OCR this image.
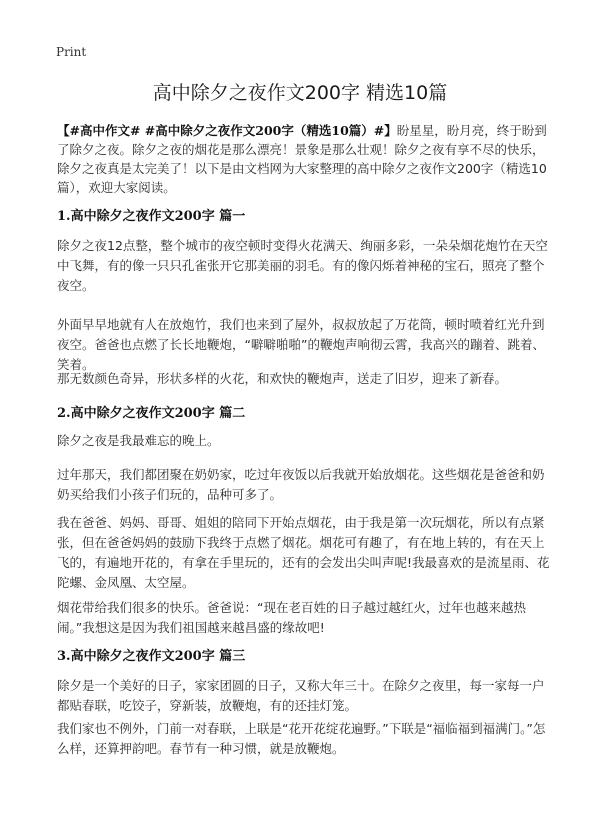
Print
高中除夕之夜作文200字 精选10篇
【#高中作文# #高中除夕之夜作文200字（精选10篇）#】盼星星，盼月亮，终于盼到了除夕之夜。除夕之夜的烟花是那么漂亮！景象是那么壮观！除夕之夜有享不尽的快乐，除夕之夜真是太完美了！以下是由文档网为大家整理的高中除夕之夜作文200字（精选10篇），欢迎大家阅读。
1.高中除夕之夜作文200字 篇一
除夕之夜12点整，整个城市的夜空顿时变得火花满天、绚丽多彩，一朵朵烟花炮竹在天空中飞舞，有的像一只只孔雀张开它那美丽的羽毛。有的像闪烁着神秘的宝石，照亮了整个夜空。
外面早早地就有人在放炮竹，我们也来到了屋外，叔叔放起了万花筒，顿时喷着红光升到夜空。爸爸也点燃了长长地鞭炮，“噼噼啪啪”的鞭炮声响彻云霄，我高兴的蹦着、跳着、笑着。
那无数颜色奇异，形状多样的火花，和欢快的鞭炮声，送走了旧岁，迎来了新春。
2.高中除夕之夜作文200字 篇二
除夕之夜是我最难忘的晚上。
过年那天，我们都团聚在奶奶家，吃过年夜饭以后我就开始放烟花。这些烟花是爸爸和奶奶买给我们小孩子们玩的，品种可多了。
我在爸爸、妈妈、哥哥、姐姐的陪同下开始点烟花，由于我是第一次玩烟花，所以有点紧张，但在爸爸妈妈的鼓励下我终于点燃了烟花。烟花可有趣了，有在地上转的，有在天上飞的，有遍地开花的，有拿在手里玩的，还有的会发出尖叫声呢!我最喜欢的是流星雨、花陀螺、金凤凰、太空屋。
烟花带给我们很多的快乐。爸爸说：“现在老百姓的日子越过越红火，过年也越来越热闹。”我想这是因为我们祖国越来越昌盛的缘故吧!
3.高中除夕之夜作文200字 篇三
除夕是一个美好的日子，家家团圆的日子，又称大年三十。在除夕之夜里，每一家每一户都贴春联，吃饺子，穿新装，放鞭炮，有的还挂灯笼。
我们家也不例外，门前一对春联，上联是“花开花绽花遍野。”下联是“福临福到福满门。”怎么样，还算押韵吧。春节有一种习惯，就是放鞭炮。
